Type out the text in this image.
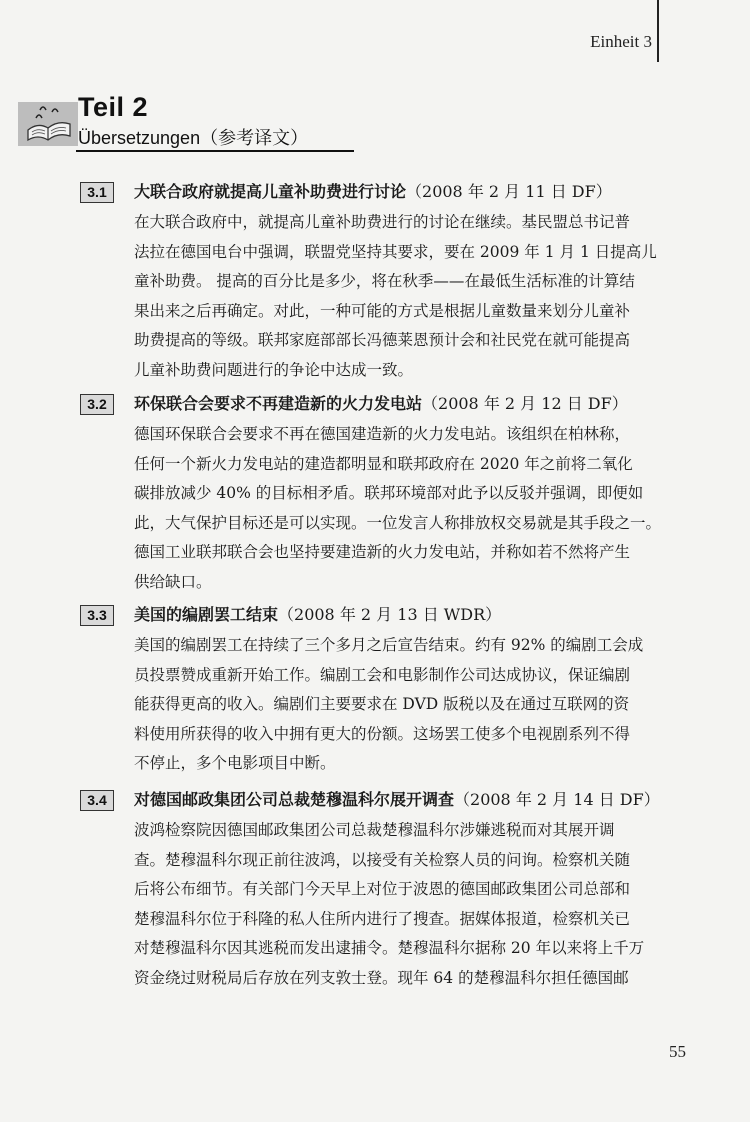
Einheit 3
Teil 2
Übersetzungen（参考译文）
3.1	大联合政府就提高儿童补助费进行讨论（2008 年 2 月 11 日 DF）
在大联合政府中，就提高儿童补助费进行的讨论在继续。基民盟总书记普
法拉在德国电台中强调，联盟党坚持其要求，要在 2009 年 1 月 1 日提高儿
童补助费。 提高的百分比是多少，将在秋季——在最低生活标准的计算结
果出来之后再确定。对此，一种可能的方式是根据儿童数量来划分儿童补
助费提高的等级。联邦家庭部部长冯德莱恩预计会和社民党在就可能提高
儿童补助费问题进行的争论中达成一致。
3.2	环保联合会要求不再建造新的火力发电站（2008 年 2 月 12 日 DF）
德国环保联合会要求不再在德国建造新的火力发电站。该组织在柏林称，
任何一个新火力发电站的建造都明显和联邦政府在 2020 年之前将二氧化
碳排放减少 40% 的目标相矛盾。联邦环境部对此予以反驳并强调，即便如
此，大气保护目标还是可以实现。一位发言人称排放权交易就是其手段之一。
德国工业联邦联合会也坚持要建造新的火力发电站，并称如若不然将产生
供给缺口。
3.3	美国的编剧罢工结束（2008 年 2 月 13 日 WDR）
美国的编剧罢工在持续了三个多月之后宣告结束。约有 92% 的编剧工会成
员投票赞成重新开始工作。编剧工会和电影制作公司达成协议，保证编剧
能获得更高的收入。编剧们主要要求在 DVD 版税以及在通过互联网的资
料使用所获得的收入中拥有更大的份额。这场罢工使多个电视剧系列不得
不停止，多个电影项目中断。
3.4	对德国邮政集团公司总裁楚穆温科尔展开调查（2008 年 2 月 14 日 DF）
波鸿检察院因德国邮政集团公司总裁楚穆温科尔涉嫌逃税而对其展开调
查。楚穆温科尔现正前往波鸿，以接受有关检察人员的问询。检察机关随
后将公布细节。有关部门今天早上对位于波恩的德国邮政集团公司总部和
楚穆温科尔位于科隆的私人住所内进行了搜查。据媒体报道，检察机关已
对楚穆温科尔因其逃税而发出逮捕令。楚穆温科尔据称 20 年以来将上千万
资金绕过财税局后存放在列支敦士登。现年 64 的楚穆温科尔担任德国邮
55
